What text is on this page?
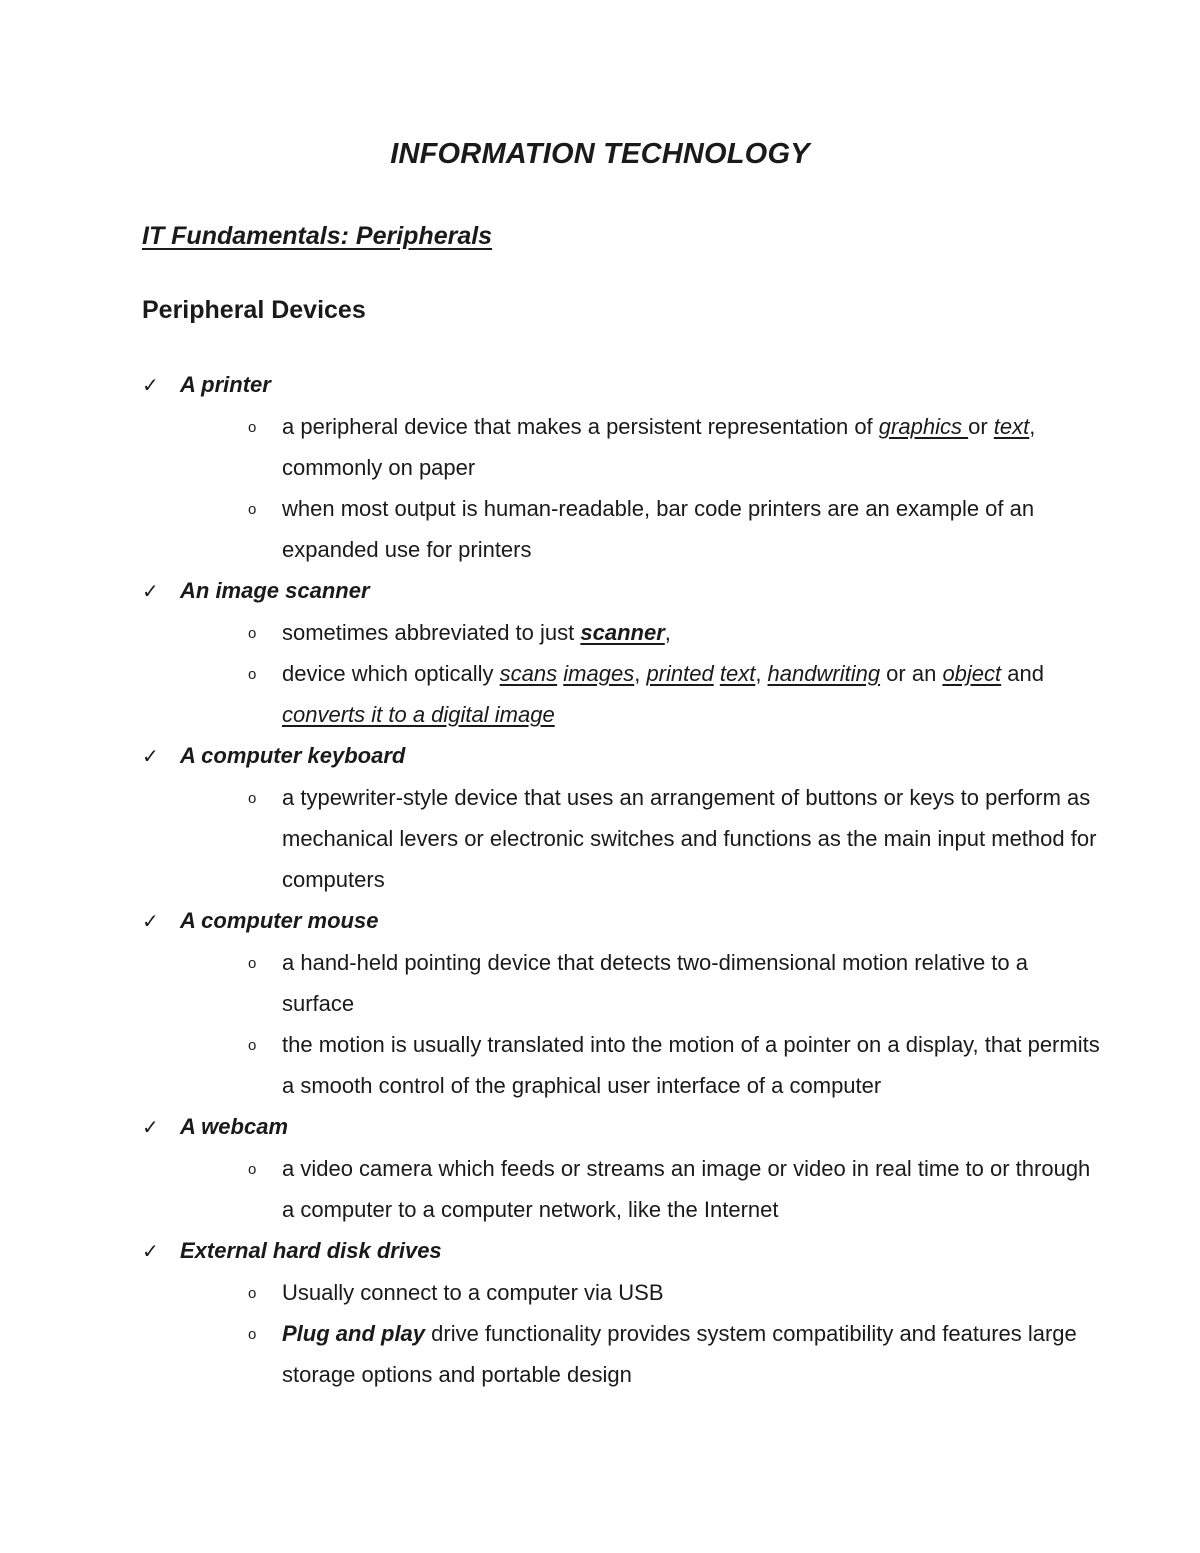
INFORMATION TECHNOLOGY
IT Fundamentals: Peripherals
Peripheral Devices
✓ A printer
o a peripheral device that makes a persistent representation of graphics or text, commonly on paper
o when most output is human-readable, bar code printers are an example of an expanded use for printers
✓ An image scanner
o sometimes abbreviated to just scanner,
o device which optically scans images, printed text, handwriting or an object and converts it to a digital image
✓ A computer keyboard
o a typewriter-style device that uses an arrangement of buttons or keys to perform as mechanical levers or electronic switches and functions as the main input method for computers
✓ A computer mouse
o a hand-held pointing device that detects two-dimensional motion relative to a surface
o the motion is usually translated into the motion of a pointer on a display, that permits a smooth control of the graphical user interface of a computer
✓ A webcam
o a video camera which feeds or streams an image or video in real time to or through a computer to a computer network, like the Internet
✓ External hard disk drives
o Usually connect to a computer via USB
o Plug and play drive functionality provides system compatibility and features large storage options and portable design
